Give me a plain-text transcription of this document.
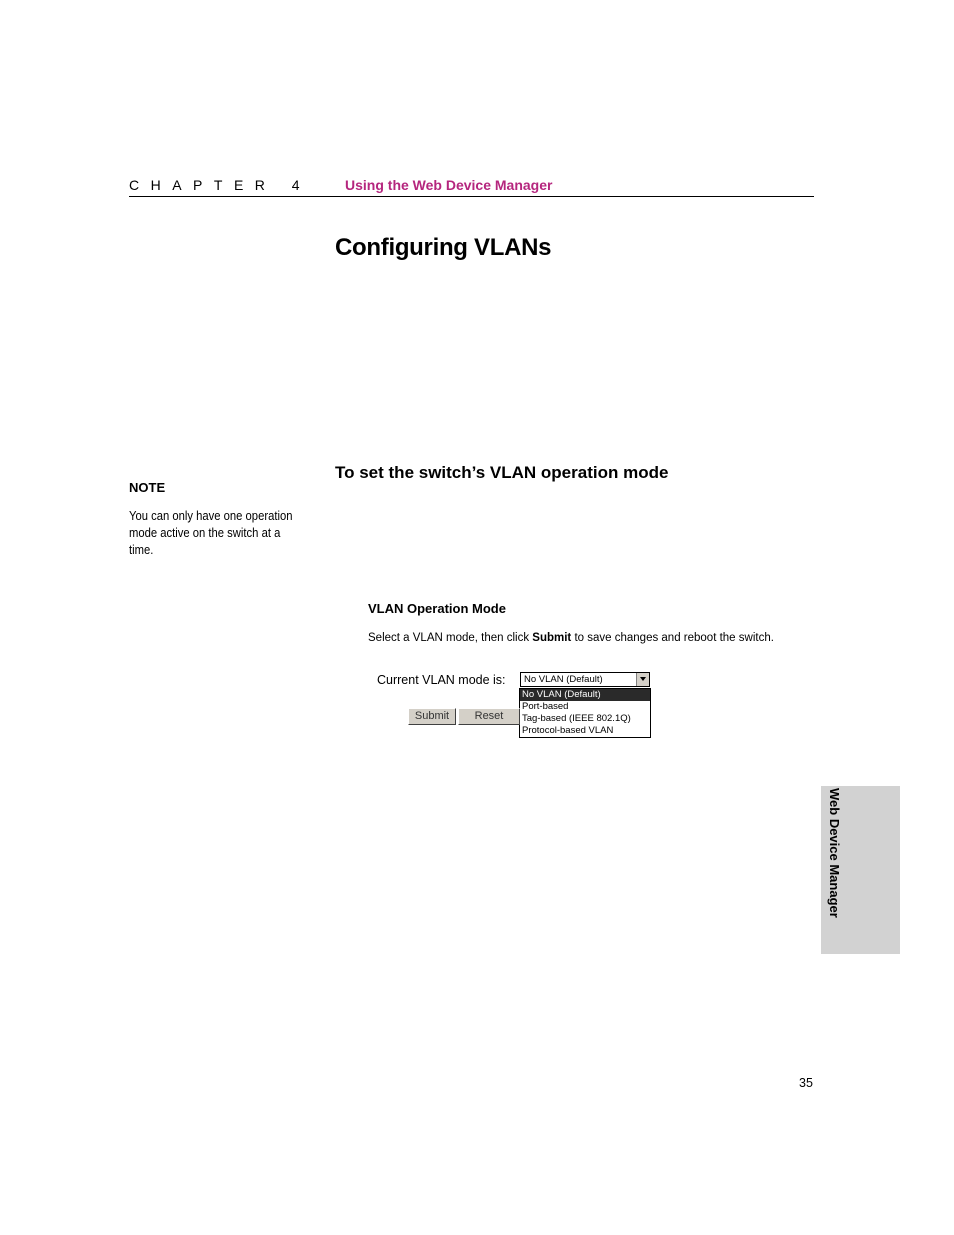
CHAPTER 4 Using the Web Device Manager
Configuring VLANs
To set the switch’s VLAN operation mode
NOTE
You can only have one operation mode active on the switch at a time.
VLAN Operation Mode
Select a VLAN mode, then click Submit to save changes and reboot the switch.
Current VLAN mode is: No VLAN (Default)
No VLAN (Default)
Port-based
Tag-based (IEEE 802.1Q)
Protocol-based VLAN
Submit	Reset
Web Device Manager
35
